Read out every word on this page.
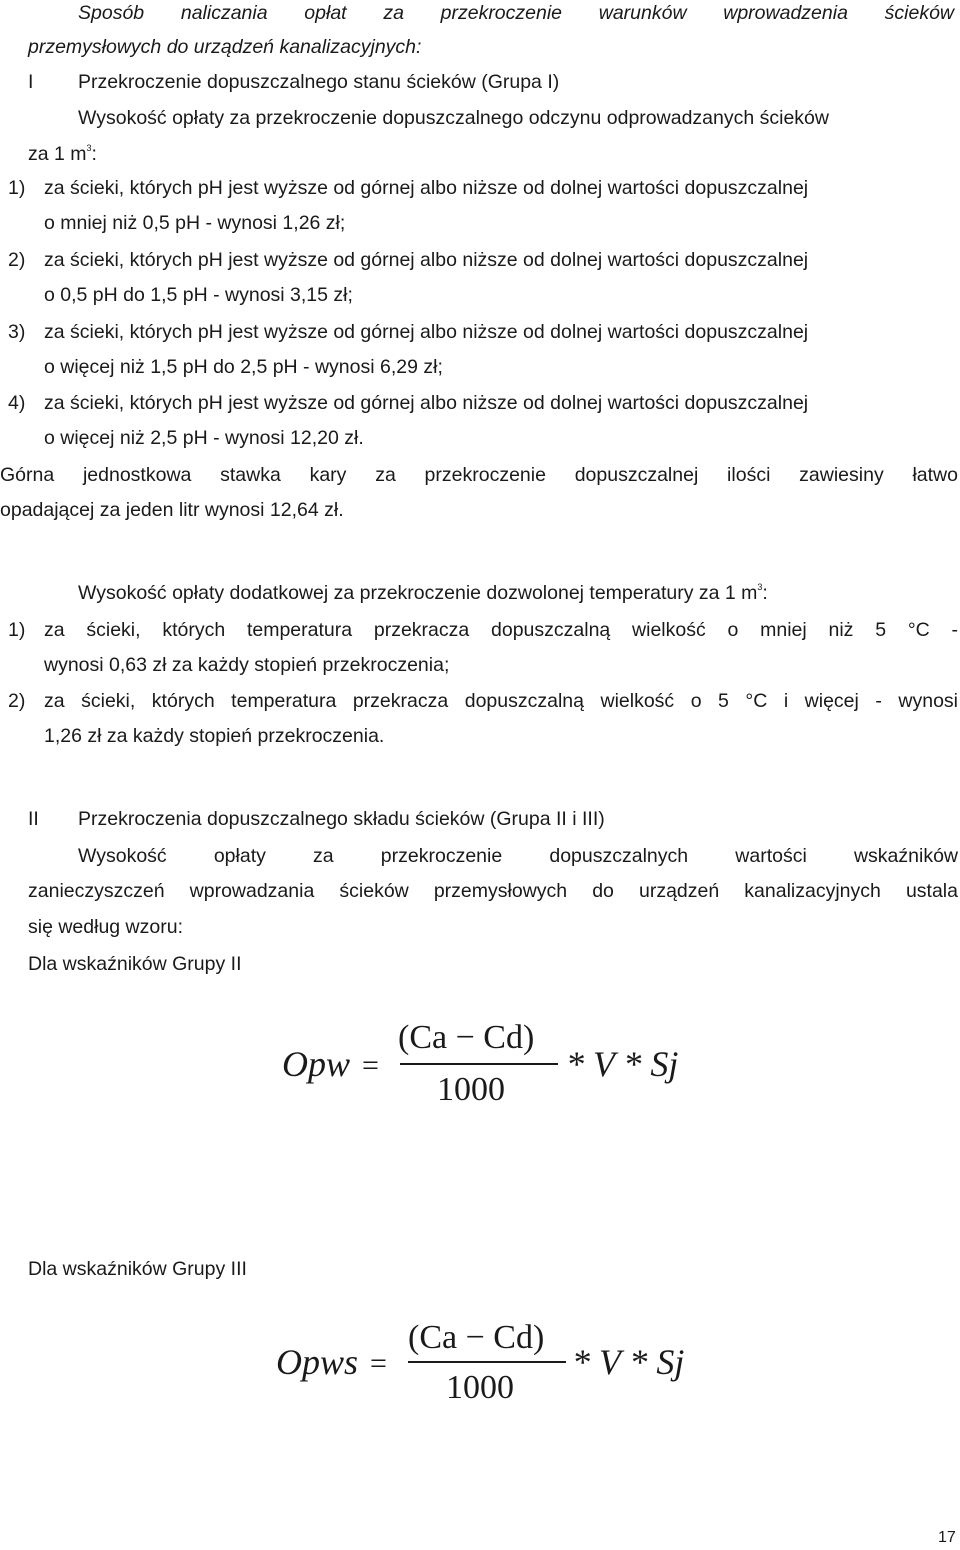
Sposób naliczania opłat za przekroczenie warunków wprowadzenia ścieków
przemysłowych do urządzeń kanalizacyjnych:
I Przekroczenie dopuszczalnego stanu ścieków (Grupa I)
Wysokość opłaty za przekroczenie dopuszczalnego odczynu odprowadzanych ścieków
za 1 $m^3$:
1) za ścieki, których pH jest wyższe od górnej albo niższe od dolnej wartości dopuszczalnej
o mniej niż 0,5 pH - wynosi 1,26 zł;
2) za ścieki, których pH jest wyższe od górnej albo niższe od dolnej wartości dopuszczalnej
o 0,5 pH do 1,5 pH - wynosi 3,15 zł;
3) za ścieki, których pH jest wyższe od górnej albo niższe od dolnej wartości dopuszczalnej
o więcej niż 1,5 pH do 2,5 pH - wynosi 6,29 zł;
4) za ścieki, których pH jest wyższe od górnej albo niższe od dolnej wartości dopuszczalnej
o więcej niż 2,5 pH - wynosi 12,20 zł.
Górna jednostkowa stawka kary za przekroczenie dopuszczalnej ilości zawiesiny łatwo
opadającej za jeden litr wynosi 12,64 zł.
Wysokość opłaty dodatkowej za przekroczenie dozwolonej temperatury za 1 $m^3$:
1) za ścieki, których temperatura przekracza dopuszczalną wielkość o mniej niż 5 °C -
wynosi 0,63 zł za każdy stopień przekroczenia;
2) za ścieki, których temperatura przekracza dopuszczalną wielkość o 5 °C i więcej - wynosi
1,26 zł za każdy stopień przekroczenia.
II Przekroczenia dopuszczalnego składu ścieków (Grupa II i III)
Wysokość opłaty za przekroczenie dopuszczalnych wartości wskaźników
zanieczyszczeń wprowadzania ścieków przemysłowych do urządzeń kanalizacyjnych ustala
się według wzoru:
Dla wskaźników Grupy II
Opw =
(Ca − Cd)
1000
* V * Sj
Dla wskaźników Grupy III
Opws =
(Ca − Cd)
1000
* V * Sj
17
